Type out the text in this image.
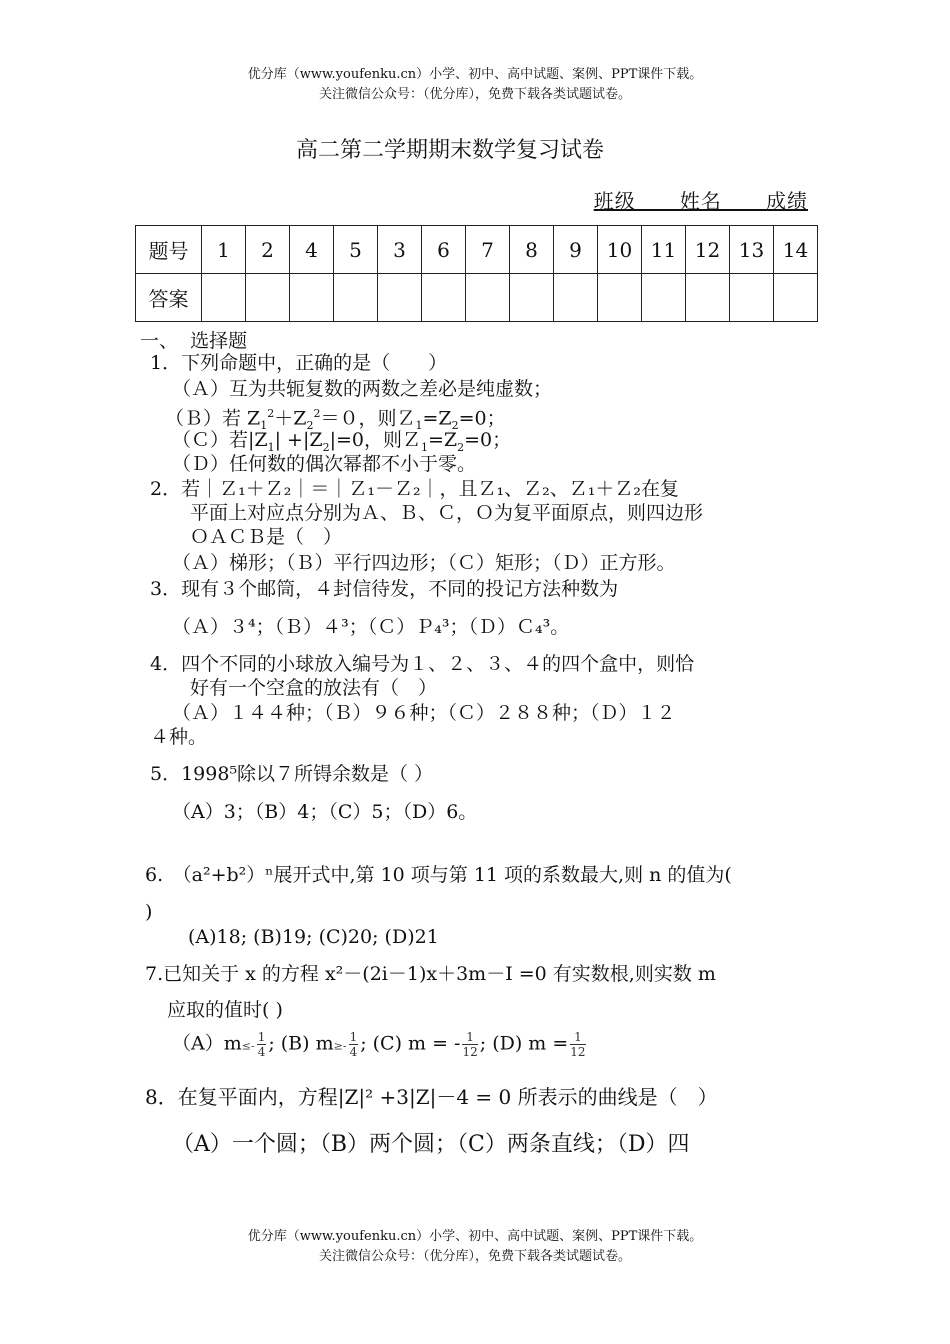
优分库（www.youfenku.cn）小学、初中、高中试题、案例、PPT课件下载。
关注微信公众号：（优分库），免费下载各类试题试卷。
高二第二学期期末数学复习试卷
班级      姓名      成绩
题号	1	2	4	5	3	6	7	8	9	10	11	12	13	14
答案														
一、  选择题
1．下列命题中，正确的是（　　）
（Ａ）互为共轭复数的两数之差必是纯虚数；
（Ｂ）若 $Z_1^2+Z_2^2=0$，则$Z_1=Z_2=0$；
（Ｃ）若$|Z_1| +|Z_2|=0$，则$Z_1=Z_2=0$；
（Ｄ）任何数的偶次幂都不小于零。
2．若｜Ｚ₁＋Ｚ₂｜＝｜Ｚ₁－Ｚ₂｜，且Ｚ₁、Ｚ₂、Ｚ₁＋Ｚ₂在复
平面上对应点分别为Ａ、Ｂ、Ｃ，Ｏ为复平面原点，则四边形
ＯＡＣＢ是（　）
（Ａ）梯形；（Ｂ）平行四边形；（Ｃ）矩形；（Ｄ）正方形。
3．现有３个邮筒，４封信待发，不同的投记方法种数为
（Ａ）３⁴；（Ｂ）４³；（Ｃ）Ｐ₄³；（Ｄ）Ｃ₄³。
4．四个不同的小球放入编号为１、２、３、４的四个盒中，则恰
好有一个空盒的放法有（　）
（Ａ）１４４种；（Ｂ）９６种；（Ｃ）２８８种；（Ｄ）１２
４种。
5．1998⁵除以７所锝余数是（ ）
（A）3；（B）4；（C）5；（D）6。
6.　（a²+b²）ⁿ展开式中,第 10 项与第 11 项的系数最大,则 n 的值为(
)
(A)18; (B)19; (C)20; (D)21
7.已知关于 x 的方程 x²－(2i－1)x＋3m－I =0 有实数根,则实数 m
应取的值时( )
$(A)m\le- \frac{1}{4}$ ; (B) $m\ge- \frac{1}{4}$ ; (C) m = - $\frac{1}{12}$ ; (D) $m = \frac{1}{12}$
8．在复平面内，方程|Z|² +3|Z|－4 = 0 所表示的曲线是（　）
（A）一个圆；（B）两个圆；（C）两条直线；（D）四
优分库（www.youfenku.cn）小学、初中、高中试题、案例、PPT课件下载。
关注微信公众号：（优分库），免费下载各类试题试卷。
